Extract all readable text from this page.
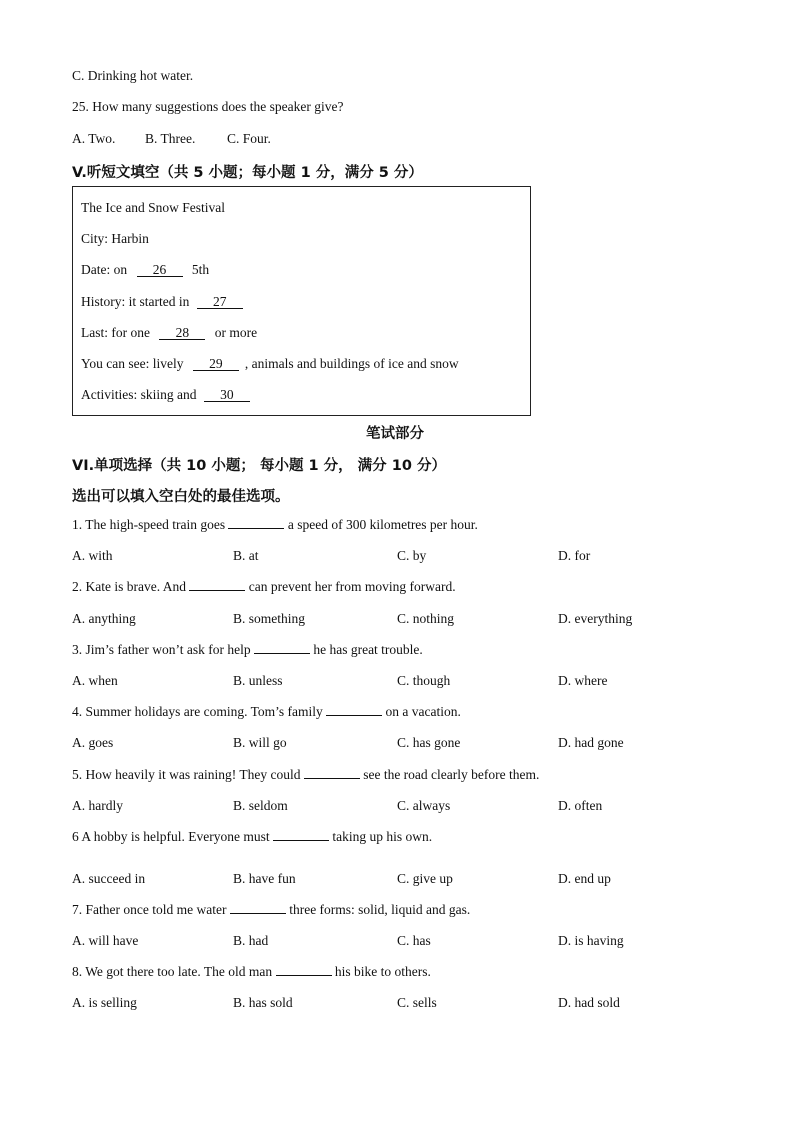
C. Drinking hot water.
25. How many suggestions does the speaker give?
A. Two. B. Three. C. Four.
V.听短文填空（共 5 小题；每小题 1 分，满分 5 分）
The Ice and Snow Festival
City: Harbin
Date: on 26 5th
History: it started in 27
Last: for one 28 or more
You can see: lively 29 , animals and buildings of ice and snow
Activities: skiing and 30
笔试部分
VI.单项选择（共 10 小题； 每小题 1 分， 满分 10 分）
选出可以填入空白处的最佳选项。
1. The high-speed train goes	a speed of 300 kilometres per hour.
A. with	B. at	C. by	D. for
2. Kate is brave. And	can prevent her from moving forward.
A. anything	B. something	C. nothing	D. everything
3. Jim’s father won’t ask for help	he has great trouble.
A. when	B. unless	C. though	D. where
4. Summer holidays are coming. Tom’s family	on a vacation.
A. goes	B. will go	C. has gone	D. had gone
5. How heavily it was raining! They could	see the road clearly before them.
A. hardly	B. seldom	C. always	D. often
6 A hobby is helpful. Everyone must	taking up his own.
A. succeed in	B. have fun	C. give up	D. end up
7. Father once told me water	three forms: solid, liquid and gas.
A. will have	B. had	C. has	D. is having
8. We got there too late. The old man	his bike to others.
A. is selling	B. has sold	C. sells	D. had sold
